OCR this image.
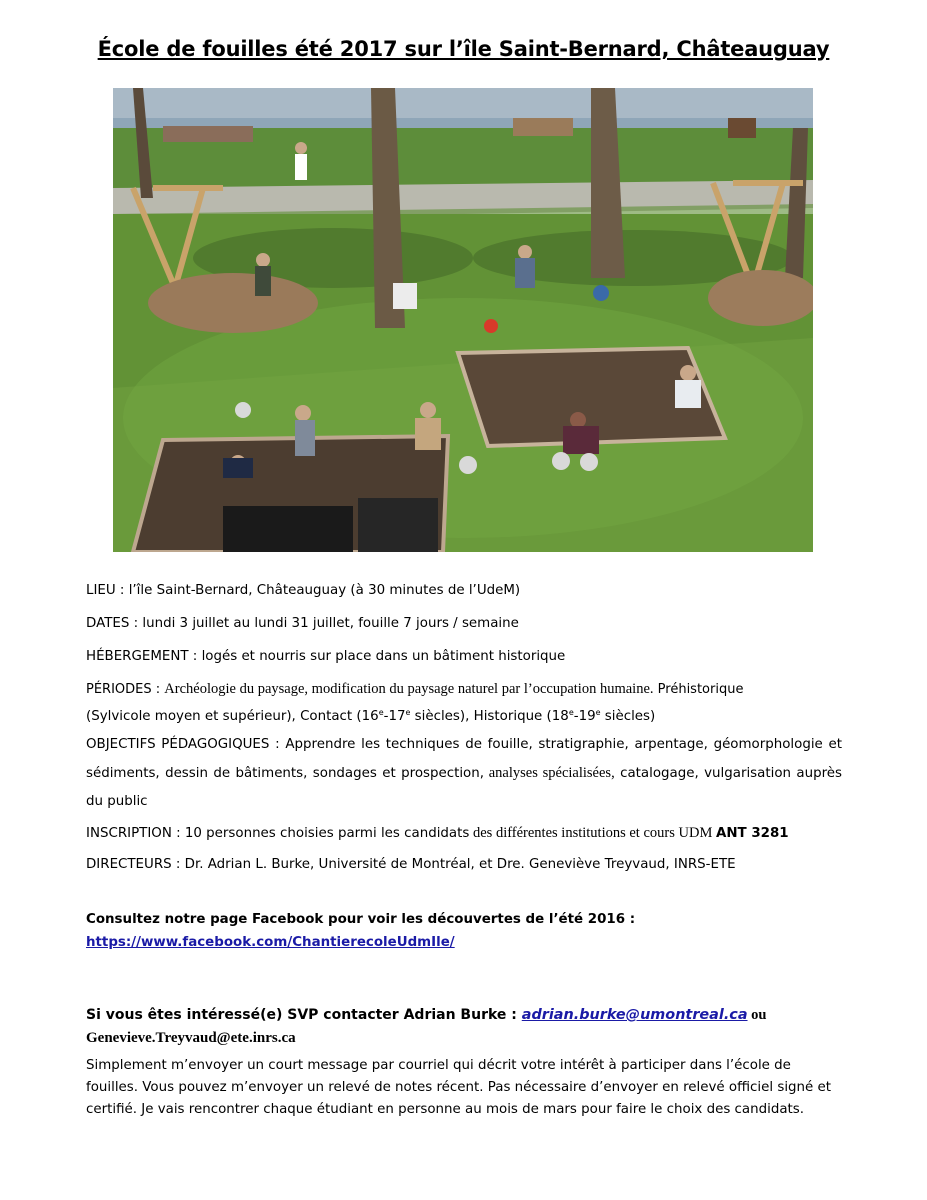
École de fouilles été 2017 sur l’île Saint-Bernard, Châteauguay
LIEU : l’île Saint-Bernard, Châteauguay (à 30 minutes de l’UdeM)
DATES : lundi 3 juillet au lundi 31 juillet, fouille 7 jours / semaine
HÉBERGEMENT : logés et nourris sur place dans un bâtiment historique
PÉRIODES : Archéologie du paysage, modification du paysage naturel par l’occupation humaine. Préhistorique
(Sylvicole moyen et supérieur), Contact (16e-17e siècles), Historique (18e-19e siècles)
OBJECTIFS PÉDAGOGIQUES : Apprendre les techniques de fouille, stratigraphie, arpentage, géomorphologie et sédiments, dessin de bâtiments, sondages et prospection, analyses spécialisées, catalogage, vulgarisation auprès du public
INSCRIPTION : 10 personnes choisies parmi les candidats des différentes institutions et cours UDM ANT 3281
DIRECTEURS : Dr. Adrian L. Burke, Université de Montréal, et Dre. Geneviève Treyvaud, INRS-ETE
Consultez notre page Facebook pour voir les découvertes de l’été 2016 :
https://www.facebook.com/ChantierecoleUdmIle/
Si vous êtes intéressé(e) SVP contacter Adrian Burke : adrian.burke@umontreal.ca ou
Genevieve.Treyvaud@ete.inrs.ca
Simplement m’envoyer un court message par courriel qui décrit votre intérêt à participer dans l’école de fouilles. Vous pouvez m’envoyer un relevé de notes récent. Pas nécessaire d’envoyer en relevé officiel signé et certifié. Je vais rencontrer chaque étudiant en personne au mois de mars pour faire le choix des candidats.
